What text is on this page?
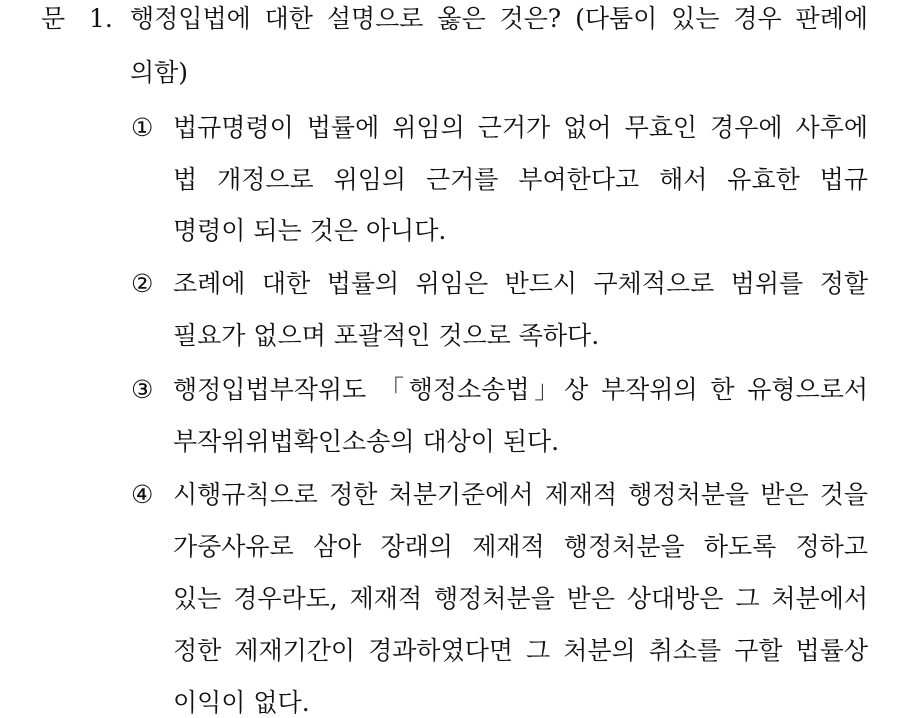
문 1. 행정입법에 대한 설명으로 옳은 것은? (다툼이 있는 경우 판례에
의함)
① 법규명령이 법률에 위임의 근거가 없어 무효인 경우에 사후에
법 개정으로 위임의 근거를 부여한다고 해서 유효한 법규
명령이 되는 것은 아니다.
② 조례에 대한 법률의 위임은 반드시 구체적으로 범위를 정할
필요가 없으며 포괄적인 것으로 족하다.
③ 행정입법부작위도 「행정소송법」상 부작위의 한 유형으로서
부작위위법확인소송의 대상이 된다.
④ 시행규칙으로 정한 처분기준에서 제재적 행정처분을 받은 것을
가중사유로 삼아 장래의 제재적 행정처분을 하도록 정하고
있는 경우라도, 제재적 행정처분을 받은 상대방은 그 처분에서
정한 제재기간이 경과하였다면 그 처분의 취소를 구할 법률상
이익이 없다.
